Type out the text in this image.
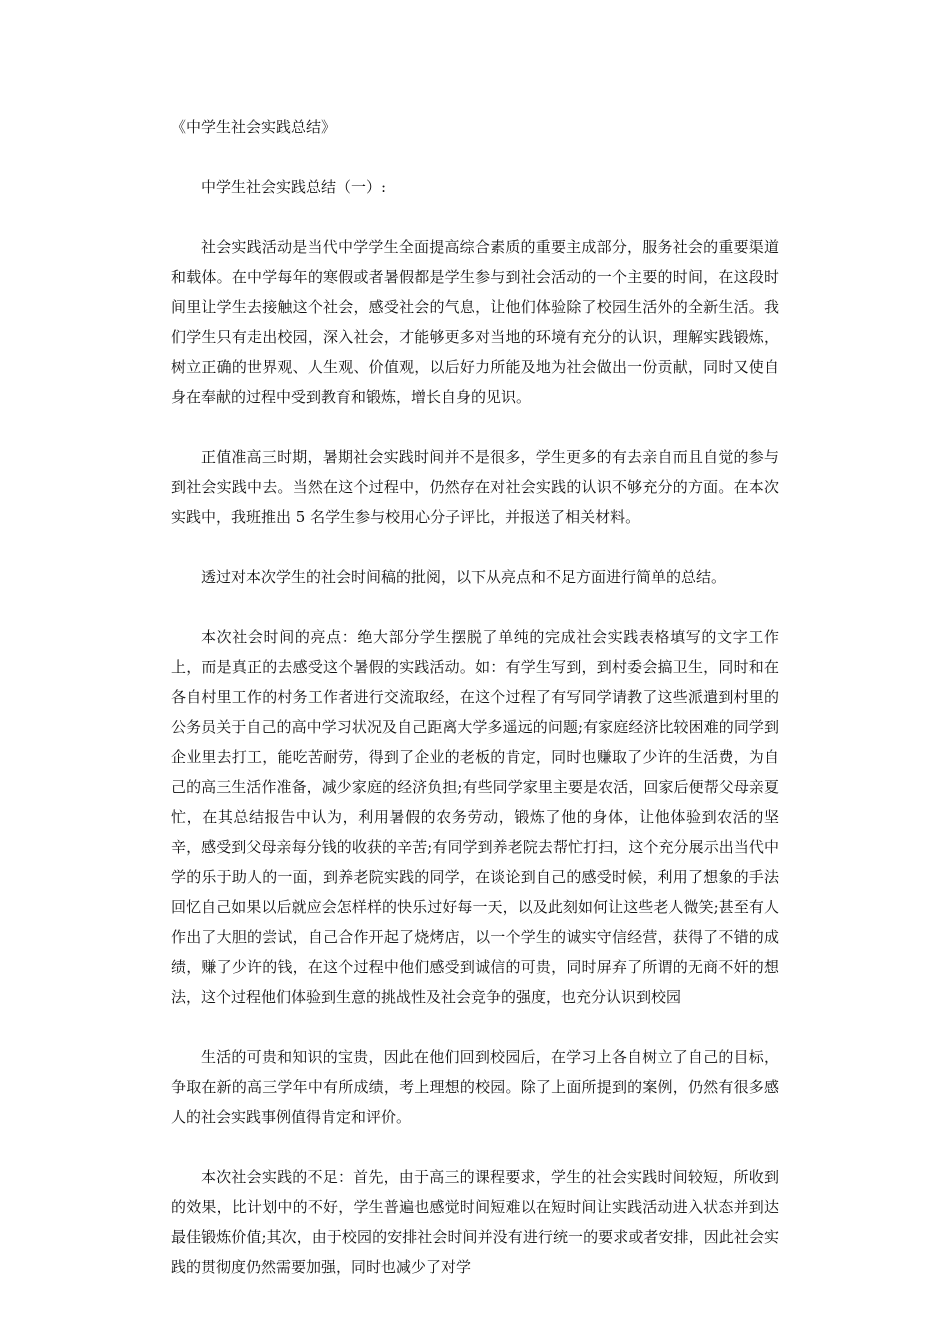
《中学生社会实践总结》

中学生社会实践总结（一）:

社会实践活动是当代中学学生全面提高综合素质的重要主成部分，服务社会的重要渠道和载体。在中学每年的寒假或者暑假都是学生参与到社会活动的一个主要的时间，在这段时间里让学生去接触这个社会，感受社会的气息，让他们体验除了校园生活外的全新生活。我们学生只有走出校园，深入社会，才能够更多对当地的环境有充分的认识，理解实践锻炼，树立正确的世界观、人生观、价值观，以后好力所能及地为社会做出一份贡献，同时又使自身在奉献的过程中受到教育和锻炼，增长自身的见识。

正值准高三时期，暑期社会实践时间并不是很多，学生更多的有去亲自而且自觉的参与到社会实践中去。当然在这个过程中，仍然存在对社会实践的认识不够充分的方面。在本次实践中，我班推出 5 名学生参与校用心分子评比，并报送了相关材料。

透过对本次学生的社会时间稿的批阅，以下从亮点和不足方面进行简单的总结。

本次社会时间的亮点：绝大部分学生摆脱了单纯的完成社会实践表格填写的文字工作上，而是真正的去感受这个暑假的实践活动。如：有学生写到，到村委会搞卫生，同时和在各自村里工作的村务工作者进行交流取经，在这个过程了有写同学请教了这些派遣到村里的公务员关于自己的高中学习状况及自己距离大学多遥远的问题;有家庭经济比较困难的同学到企业里去打工，能吃苦耐劳，得到了企业的老板的肯定，同时也赚取了少许的生活费，为自己的高三生活作准备，减少家庭的经济负担;有些同学家里主要是农活，回家后便帮父母亲夏忙，在其总结报告中认为，利用暑假的农务劳动，锻炼了他的身体，让他体验到农活的坚辛，感受到父母亲每分钱的收获的辛苦;有同学到养老院去帮忙打扫，这个充分展示出当代中学的乐于助人的一面，到养老院实践的同学，在谈论到自己的感受时候，利用了想象的手法回忆自己如果以后就应会怎样样的快乐过好每一天，以及此刻如何让这些老人微笑;甚至有人作出了大胆的尝试，自己合作开起了烧烤店，以一个学生的诚实守信经营，获得了不错的成绩，赚了少许的钱，在这个过程中他们感受到诚信的可贵，同时屏弃了所谓的无商不奸的想法，这个过程他们体验到生意的挑战性及社会竞争的强度，也充分认识到校园

生活的可贵和知识的宝贵，因此在他们回到校园后，在学习上各自树立了自己的目标，争取在新的高三学年中有所成绩，考上理想的校园。除了上面所提到的案例，仍然有很多感人的社会实践事例值得肯定和评价。

本次社会实践的不足：首先，由于高三的课程要求，学生的社会实践时间较短，所收到的效果，比计划中的不好，学生普遍也感觉时间短难以在短时间让实践活动进入状态并到达最佳锻炼价值;其次，由于校园的安排社会时间并没有进行统一的要求或者安排，因此社会实践的贯彻度仍然需要加强，同时也减少了对学
